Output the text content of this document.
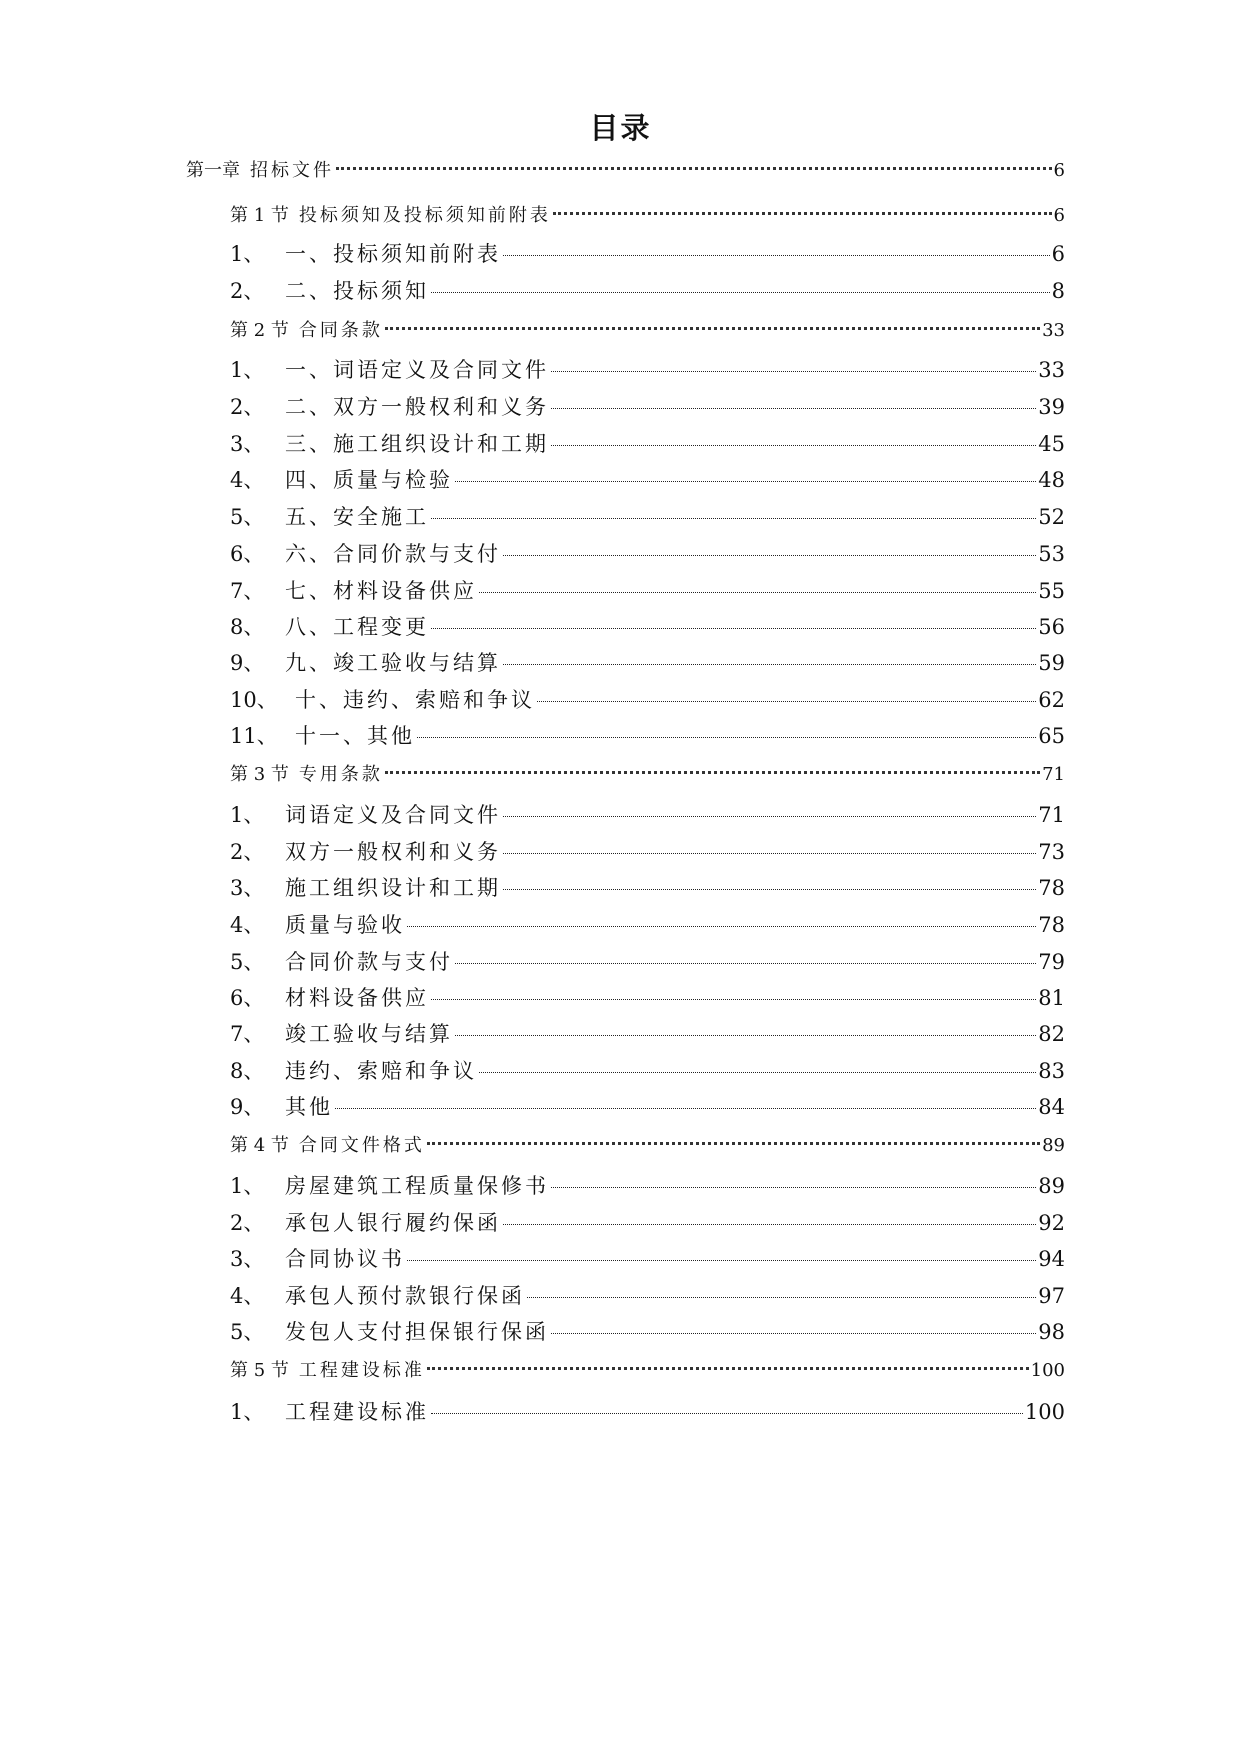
目录
第一章 招标文件	6
第 1 节 投标须知及投标须知前附表	6
1、 一、投标须知前附表	6
2、 二、投标须知	8
第 2 节 合同条款	33
1、 一、词语定义及合同文件	33
2、 二、双方一般权利和义务	39
3、 三、施工组织设计和工期	45
4、 四、质量与检验	48
5、 五、安全施工	52
6、 六、合同价款与支付	53
7、 七、材料设备供应	55
8、 八、工程变更	56
9、 九、竣工验收与结算	59
10、 十、违约、索赔和争议	62
11、 十一、其他	65
第 3 节 专用条款	71
1、 词语定义及合同文件	71
2、 双方一般权利和义务	73
3、 施工组织设计和工期	78
4、 质量与验收	78
5、 合同价款与支付	79
6、 材料设备供应	81
7、 竣工验收与结算	82
8、 违约、索赔和争议	83
9、 其他	84
第 4 节 合同文件格式	89
1、 房屋建筑工程质量保修书	89
2、 承包人银行履约保函	92
3、 合同协议书	94
4、 承包人预付款银行保函	97
5、 发包人支付担保银行保函	98
第 5 节 工程建设标准	100
1、 工程建设标准	100
